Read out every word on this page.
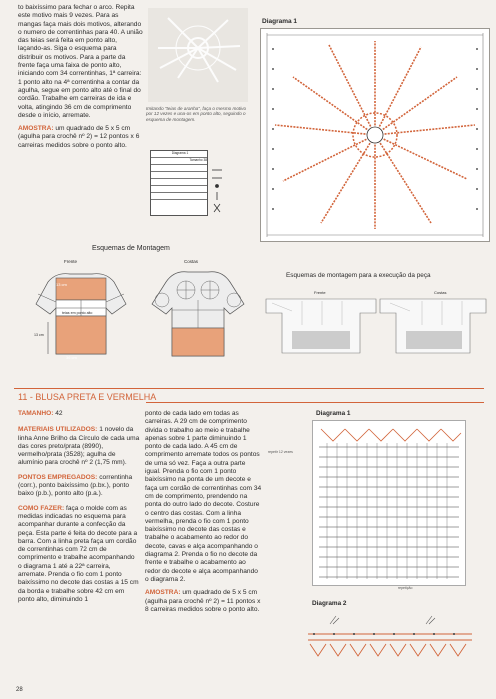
to baixíssimo para fechar o arco. Repita este motivo mais 9 vezes. Para as mangas faça mais dois motivos, alterando o numero de correntinhas para 40. A união das teias será feita em ponto alto, laçando-as. Siga o esquema para distribuir os motivos. Para a parte da frente faça uma faixa de ponto alto, iniciando com 34 correntinhas, 1ª carreira: 1 ponto alto na 4ª correntinha a contar da agulha, segue em ponto alto até o final do cordão. Trabalhe em carreiras de ida e volta, atingindo 36 cm de comprimento desde o início, arremate.
AMOSTRA: um quadrado de 5 x 5 cm (agulha para crochê nº 2) = 12 pontos x 6 carreiras medidos sobre o ponto alto.
Imitando "teias de aranha", faça o mesmo motivo por 12 vezes e una-os em ponto alto, seguindo o esquema de montagem.
Diagrama 1
Tamanho 38
Diagrama 1
Esquemas de Montagem
Frente	Costas
13 cm
teias em ponto alto
13 cm
36 cm
Esquemas de montagem para a execução da peça
Frente	Costas
11 - BLUSA PRETA E VERMELHA
TAMANHO: 42
MATERIAIS UTILIZADOS: 1 novelo da linha Anne Brilho da Círculo de cada uma das cores preto/prata (8990), vermelho/prata (3528); agulha de alumínio para crochê nº 2 (1,75 mm).
PONTOS EMPREGADOS: correntinha (corr.), ponto baixíssimo (p.bx.), ponto baixo (p.b.), ponto alto (p.a.).
COMO FAZER: faça o molde com as medidas indicadas no esquema para acompanhar durante a confecção da peça. Esta parte é feita do decote para a barra. Com a linha preta faça um cordão de correntinhas com 72 cm de comprimento e trabalhe acompanhando o diagrama 1 até a 22ª carreira, arremate. Prenda o fio com 1 ponto baixíssimo no decote das costas a 15 cm da borda e trabalhe sobre 42 cm em ponto alto, diminuindo 1
ponto de cada lado em todas as carreiras. A 29 cm de comprimento divida o trabalho ao meio e trabalhe apenas sobre 1 parte diminuindo 1 ponto de cada lado. A 45 cm de comprimento arremate todos os pontos de uma só vez. Faça a outra parte igual. Prenda o fio com 1 ponto baixíssimo na ponta de um decote e faça um cordão de correntinhas com 34 cm de comprimento, prendendo na ponta do outro lado do decote. Costure o centro das costas. Com a linha vermelha, prenda o fio com 1 ponto baixíssimo no decote das costas e trabalhe o acabamento ao redor do decote, cavas e alça acompanhando o diagrama 2. Prenda o fio no decote da frente e trabalhe o acabamento ao redor do decote e alça acompanhando o diagrama 2.
AMOSTRA: um quadrado de 5 x 5 cm (agulha para crochê nº 2) = 11 pontos x 8 carreiras medidos sobre o ponto alto.
Diagrama 1
repetir 12 vezes
repetição
Diagrama 2
28
